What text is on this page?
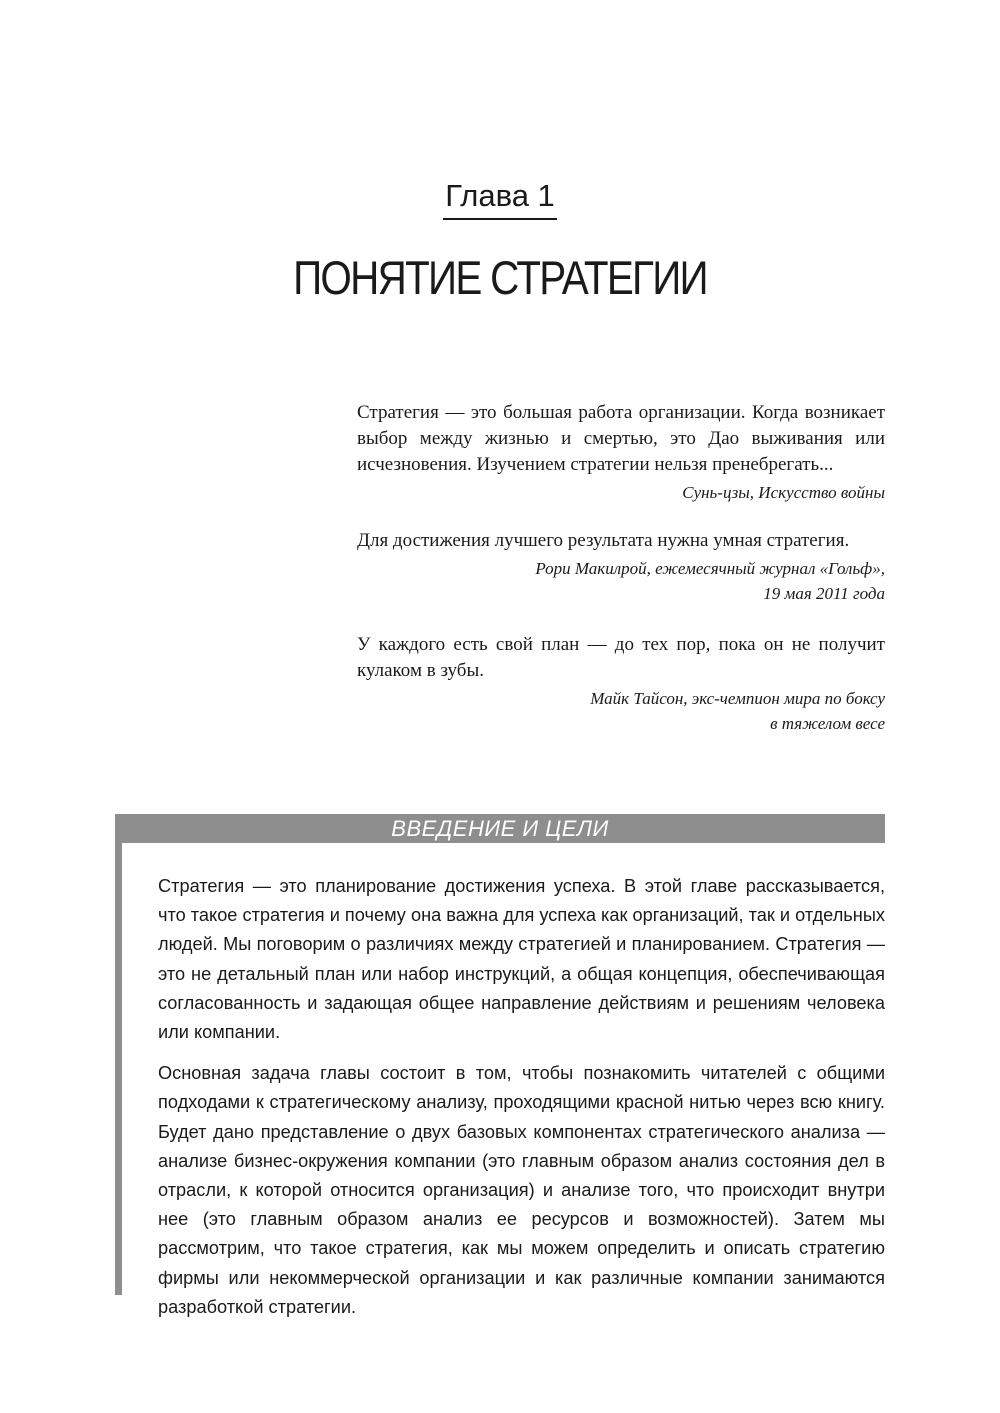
Глава 1
ПОНЯТИЕ СТРАТЕГИИ

Стратегия — это большая работа организации. Когда возникает выбор между жизнью и смертью, это Дао выживания или исчезновения. Изучением стратегии нельзя пренебрегать...

Сунь-цзы, Искусство войны

Для достижения лучшего результата нужна умная стратегия.

Рори Макилрой, ежемесячный журнал «Гольф»,
19 мая 2011 года

У каждого есть свой план — до тех пор, пока он не получит кулаком в зубы.

Майк Тайсон, экс-чемпион мира по боксу
в тяжелом весе
ВВЕДЕНИЕ И ЦЕЛИ

Стратегия — это планирование достижения успеха. В этой главе рассказывается, что такое стратегия и почему она важна для успеха как организаций, так и отдельных людей. Мы поговорим о различиях между стратегией и планированием. Стратегия — это не детальный план или набор инструкций, а общая концепция, обеспечивающая согласованность и задающая общее направление действиям и решениям человека или компании.

Основная задача главы состоит в том, чтобы познакомить читателей с общими подходами к стратегическому анализу, проходящими красной нитью через всю книгу. Будет дано представление о двух базовых компонентах стратегического анализа — анализе бизнес-окружения компании (это главным образом анализ состояния дел в отрасли, к которой относится организация) и анализе того, что происходит внутри нее (это главным образом анализ ее ресурсов и возможностей). Затем мы рассмотрим, что такое стратегия, как мы можем определить и описать стратегию фирмы или некоммерческой организации и как различные компании занимаются разработкой стратегии.
